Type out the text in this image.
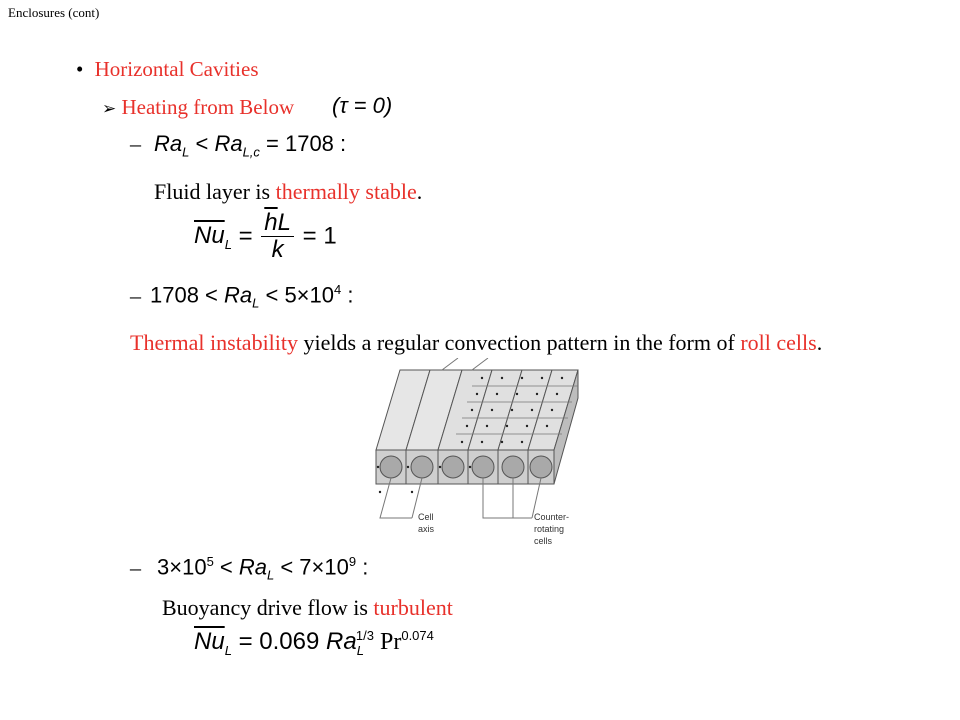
Enclosures (cont)
• Horizontal Cavities
➢ Heating from Below (τ = 0)
– $Ra_L < Ra_{L,c} = 1708$ :
Fluid layer is thermally stable.
$\overline{Nu}_L = \frac{\overline{h}L}{k} = 1$
– $1708 < Ra_L < 5\times 10^4$ :
Thermal instability yields a regular convection pattern in the form of roll cells.
Cell
axis
Counter-
rotating
cells
– $3\times 10^5 < Ra_L < 7\times 10^9$ :
Buoyancy drive flow is turbulent
$\overline{Nu}_L = 0.069$ $Ra_L^{1/3}$ $Pr^{0.074}$
